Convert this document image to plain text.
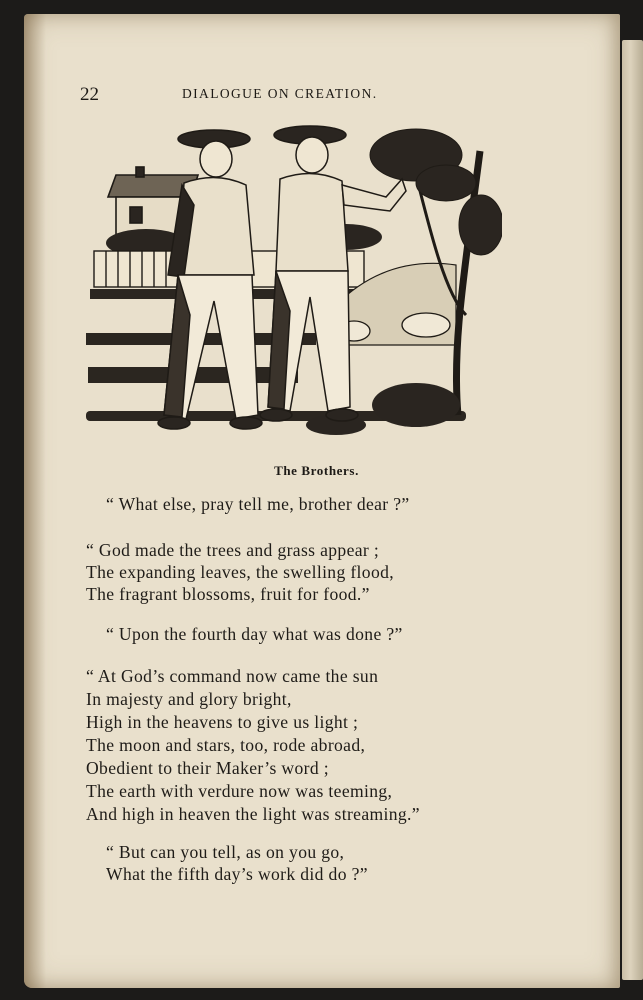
22	DIALOGUE ON CREATION.
The Brothers.
“ What else, pray tell me, brother dear ?”
“ God made the trees and grass appear ;
The expanding leaves, the swelling flood,
The fragrant blossoms, fruit for food.”
“ Upon the fourth day what was done ?”
“ At God’s command now came the sun
In majesty and glory bright,
High in the heavens to give us light ;
The moon and stars, too, rode abroad,
Obedient to their Maker’s word ;
The earth with verdure now was teeming,
And high in heaven the light was streaming.”
“ But can you tell, as on you go,
What the fifth day’s work did do ?”
